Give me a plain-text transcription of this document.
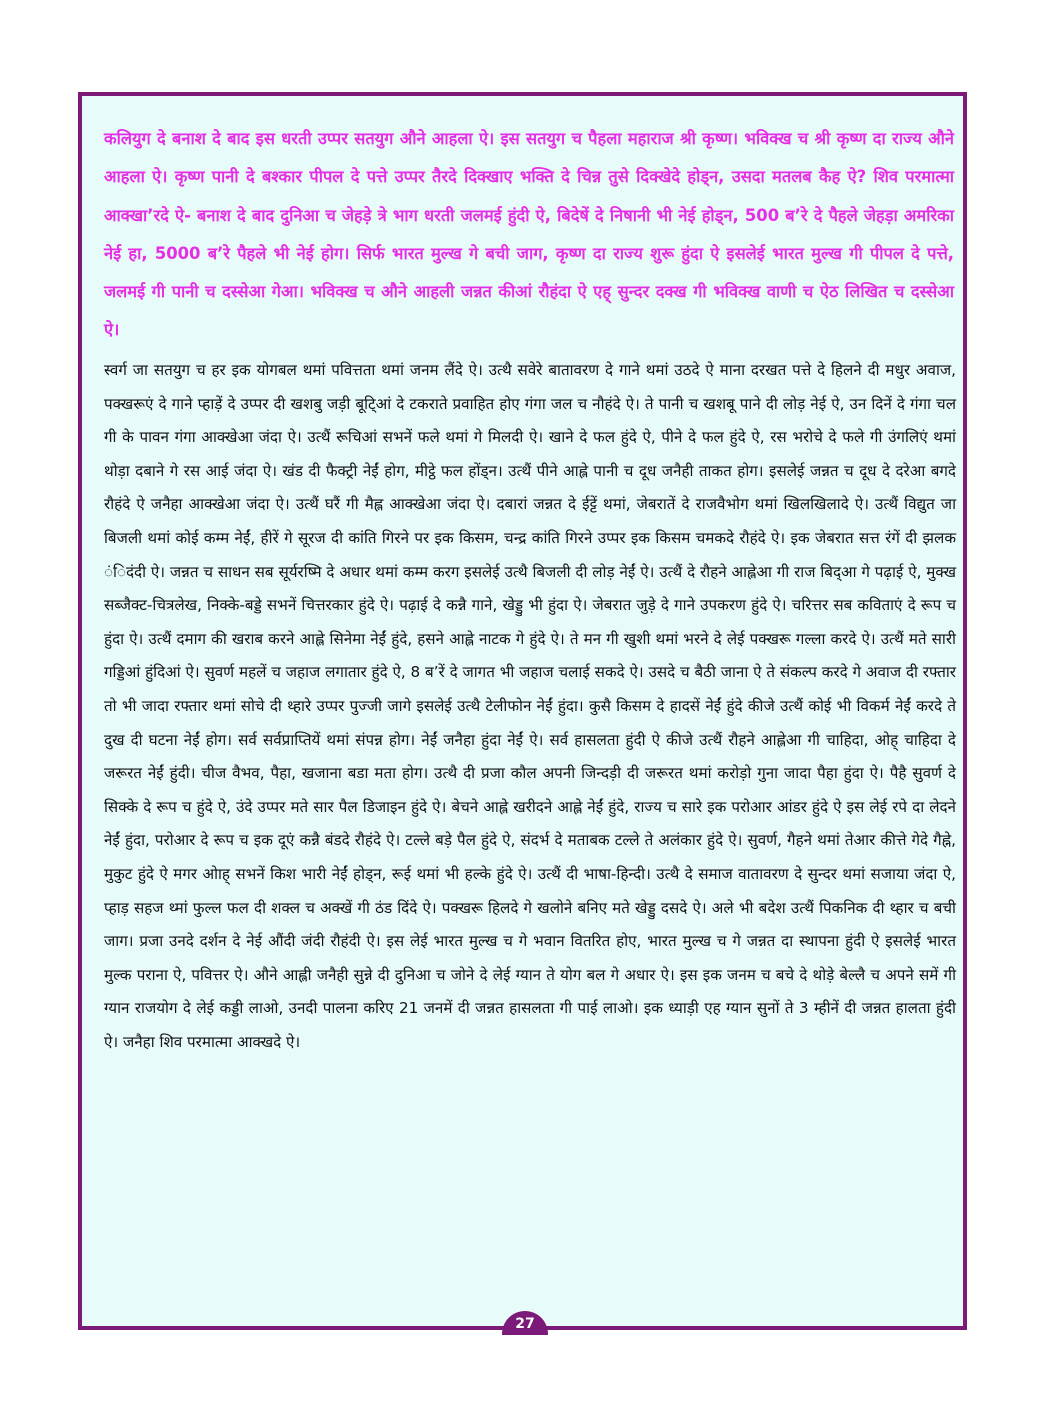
कलियुग दे बनाश दे बाद इस धरती उप्पर सतयुग औने आहला ऐ। इस सतयुग च पैहला महाराज श्री कृष्ण। भविक्ख च श्री कृष्ण दा राज्य औने आहला ऐ। कृष्ण पानी दे बश्कार पीपल दे पत्ते उप्पर तैरदे दिक्खाए भक्ति दे चिन्न तुसे दिक्खेदे होड्न, उसदा मतलब कैह ऐ? शिव परमात्मा आक्खा’रदे ऐ- बनाश दे बाद दुनिआ च जेहड़े त्रे भाग धरती जलमई हुंदी ऐ, बिदेषें दे निषानी भी नेई होड्न, 500 ब’रे दे पैहले जेहड़ा अमरिका नेई हा, 5000 ब’रे पैहले भी नेई होग। सिर्फ भारत मुल्ख गे बची जाग, कृष्ण दा राज्य शुरू हुंदा ऐ इसलेई भारत मुल्ख गी पीपल दे पत्ते, जलमई गी पानी च दस्सेआ गेआ। भविक्ख च औने आहली जन्नत कीआं रौहंदा ऐ एह् सुन्दर दक्ख गी भविक्ख वाणी च ऐठ लिखित च दस्सेआ ऐ।

स्वर्ग जा सतयुग च हर इक योगबल थमां पवित्तता थमां जनम लैंदे ऐ। उत्थै सवेरे बातावरण दे गाने थमां उठदे ऐ माना दरखत पत्ते दे हिलने दी मधुर अवाज, पक्खरूएं दे गाने प्हाड़ें दे उप्पर दी खशबु जड़ी बूटि्आं दे टकराते प्रवाहित होए गंगा जल च नौहंदे ऐ। ते पानी च खशबू पाने दी लोड़ नेई ऐ, उन दिनें दे गंगा चल गी के पावन गंगा आक्खेआ जंदा ऐ। उत्थैं रूचिआं सभनें फले थमां गे मिलदी ऐ। खाने दे फल हुंदे ऐ, पीने दे फल हुंदे ऐ, रस भरोचे दे फले गी उंगलिएं थमां थोड़ा दबाने गे रस आई जंदा ऐ। खंड दी फैक्ट्री नेईं होग, मीट्ठे फल होंड्न। उत्थैं पीने आह्ले पानी च दूध जनैही ताकत होग। इसलेई जन्नत च दूध दे दरेआ बगदे रौहंदे ऐ जनैहा आक्खेआ जंदा ऐ। उत्थैं घरैं गी मैह्ल आक्खेआ जंदा ऐ। दबारां जन्नत दे ईट्टें थमां, जेबरातें दे राजवैभोग थमां खिलखिलादे ऐ। उत्थैं विद्युत जा बिजली थमां कोई कम्म नेईं, हीरें गे सूरज दी कांति गिरने पर इक किसम, चन्द्र कांति गिरने उप्पर इक किसम चमकदे रौहंदे ऐ। इक जेबरात सत्त रंगें दी झलक ंिदंदी ऐ। जन्नत च साधन सब सूर्यरष्मि दे अधार थमां कम्म करग इसलेई उत्थै बिजली दी लोड़ नेईं ऐ। उत्थैं दे रौहने आह्लेआ गी राज बिद्आ गे पढ़ाई ऐ, मुक्ख सब्जैक्ट-चित्रलेख, निक्के-बड्डे सभनें चित्तरकार हुंदे ऐ। पढ़ाई दे कन्नै गाने, खेड्डु भी हुंदा ऐ। जेबरात जुड़े दे गाने उपकरण हुंदे ऐ। चरित्तर सब कविताएं दे रूप च हुंदा ऐ। उत्थैं दमाग की खराब करने आह्ले सिनेमा नेईं हुंदे, हसने आह्ले नाटक गे हुंदे ऐ। ते मन गी खुशी थमां भरने दे लेई पक्खरू गल्ला करदे ऐ। उत्थैं मते सारी गड्डिआं हुंदिआं ऐ। सुवर्ण महलें च जहाज लगातार हुंदे ऐ, 8 ब’रें दे जागत भी जहाज चलाई सकदे ऐ। उसदे च बैठी जाना ऐ ते संकल्प करदे गे अवाज दी रफ्तार तो भी जादा रफ्तार थमां सोचे दी थ्हारे उप्पर पुज्जी जागे इसलेई उत्थै टेलीफोन नेईं हुंदा। कुसै किसम दे हादसें नेईं हुंदे कीजे उत्थैं कोई भी विकर्म नेईं करदे ते दुख दी घटना नेईं होग। सर्व सर्वप्राप्तियें थमां संपन्न होग। नेईं जनैहा हुंदा नेईं ऐ। सर्व हासलता हुंदी ऐ कीजे उत्थैं रौहने आह्लेआ गी चाहिदा, ओह् चाहिदा दे जरूरत नेईं हुंदी। चीज वैभव, पैहा, खजाना बडा मता होग। उत्थै दी प्रजा कौल अपनी जिन्दड़ी दी जरूरत थमां करोड़ो गुना जादा पैहा हुंदा ऐ। पैहै सुवर्ण दे सिक्के दे रूप च हुंदे ऐ, उंदे उप्पर मते सार पैल डिजाइन हुंदे ऐ। बेचने आह्ले खरीदने आह्ले नेईं हुंदे, राज्य च सारे इक परोआर आंडर हुंदे ऐ इस लेई रपे दा लेदने नेईं हुंदा, परोआर दे रूप च इक दूएं कन्नै बंडदे रौहंदे ऐ। टल्ले बड़े पैल हुंदे ऐ, संदर्भ दे मताबक टल्ले ते अलंकार हुंदे ऐ। सुवर्ण, गैहने थमां तेआर कीत्ते गेदे गैह्ने, मुकुट हुंदे ऐ मगर ओाह् सभनें किश भारी नेईं होड्न, रूई थमां भी हल्के हुंदे ऐ। उत्थैं दी भाषा-हिन्दी। उत्थै दे समाज वातावरण दे सुन्दर थमां सजाया जंदा ऐ, प्हाड़ सहज थ्मां फुल्ल फल दी शक्ल च अक्खें गी ठंड दिंदे ऐ। पक्खरू हिलदे गे खलोने बनिए मते खेड्डु दसदे ऐ। अले भी बदेश उत्थैं पिकनिक दी थ्हार च बची जाग। प्रजा उनदे दर्शन दे नेई औंदी जंदी रौहंदी ऐ। इस लेई भारत मुल्ख च गे भवान वितरित होए, भारत मुल्ख च गे जन्नत दा स्थापना हुंदी ऐ इसलेई भारत मुल्क पराना ऐ, पवित्तर ऐ। औने आह्ली जनैही सुन्ने दी दुनिआ च जोने दे लेई ग्यान ते योग बल गे अधार ऐ। इस इक जनम च बचे दे थोड़े बेल्लै च अपने समें गी ग्यान राजयोग दे लेई कड्डी लाओ, उनदी पालना करिए 21 जनमें दी जन्नत हासलता गी पाई लाओ। इक ध्याड़ी एह ग्यान सुनों ते 3 म्हीनें दी जन्नत हालता हुंदी ऐ। जनैहा शिव परमात्मा आक्खदे ऐ।

27
